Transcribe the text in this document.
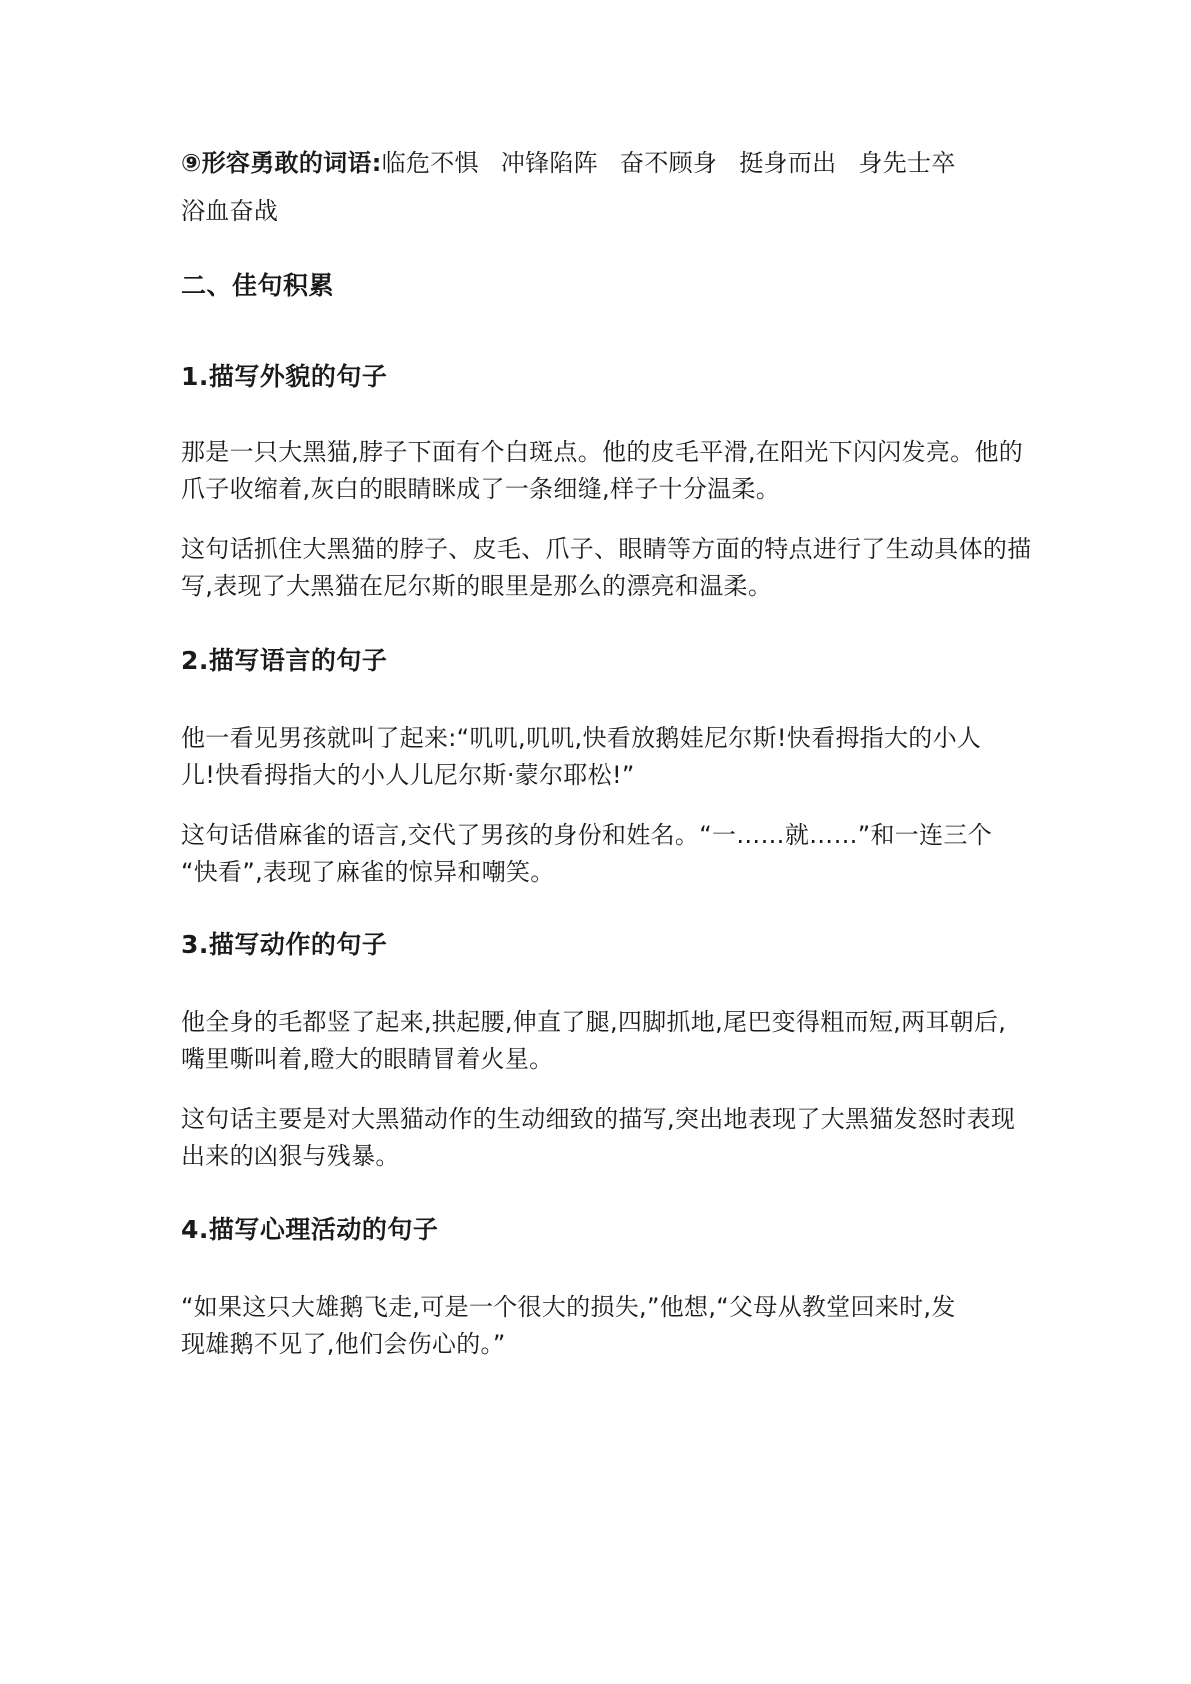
⑨形容勇敢的词语:临危不惧 冲锋陷阵 奋不顾身 挺身而出 身先士卒
浴血奋战
二、佳句积累
1.描写外貌的句子
那是一只大黑猫,脖子下面有个白斑点。他的皮毛平滑,在阳光下闪闪发亮。他的
爪子收缩着,灰白的眼睛眯成了一条细缝,样子十分温柔。
这句话抓住大黑猫的脖子、皮毛、爪子、眼睛等方面的特点进行了生动具体的描
写,表现了大黑猫在尼尔斯的眼里是那么的漂亮和温柔。
2.描写语言的句子
他一看见男孩就叫了起来:“叽叽,叽叽,快看放鹅娃尼尔斯!快看拇指大的小人
儿!快看拇指大的小人儿尼尔斯·蒙尔耶松!”
这句话借麻雀的语言,交代了男孩的身份和姓名。“一……就……”和一连三个
“快看”,表现了麻雀的惊异和嘲笑。
3.描写动作的句子
他全身的毛都竖了起来,拱起腰,伸直了腿,四脚抓地,尾巴变得粗而短,两耳朝后,
嘴里嘶叫着,瞪大的眼睛冒着火星。
这句话主要是对大黑猫动作的生动细致的描写,突出地表现了大黑猫发怒时表现
出来的凶狠与残暴。
4.描写心理活动的句子
“如果这只大雄鹅飞走,可是一个很大的损失,”他想,“父母从教堂回来时,发
现雄鹅不见了,他们会伤心的。”
